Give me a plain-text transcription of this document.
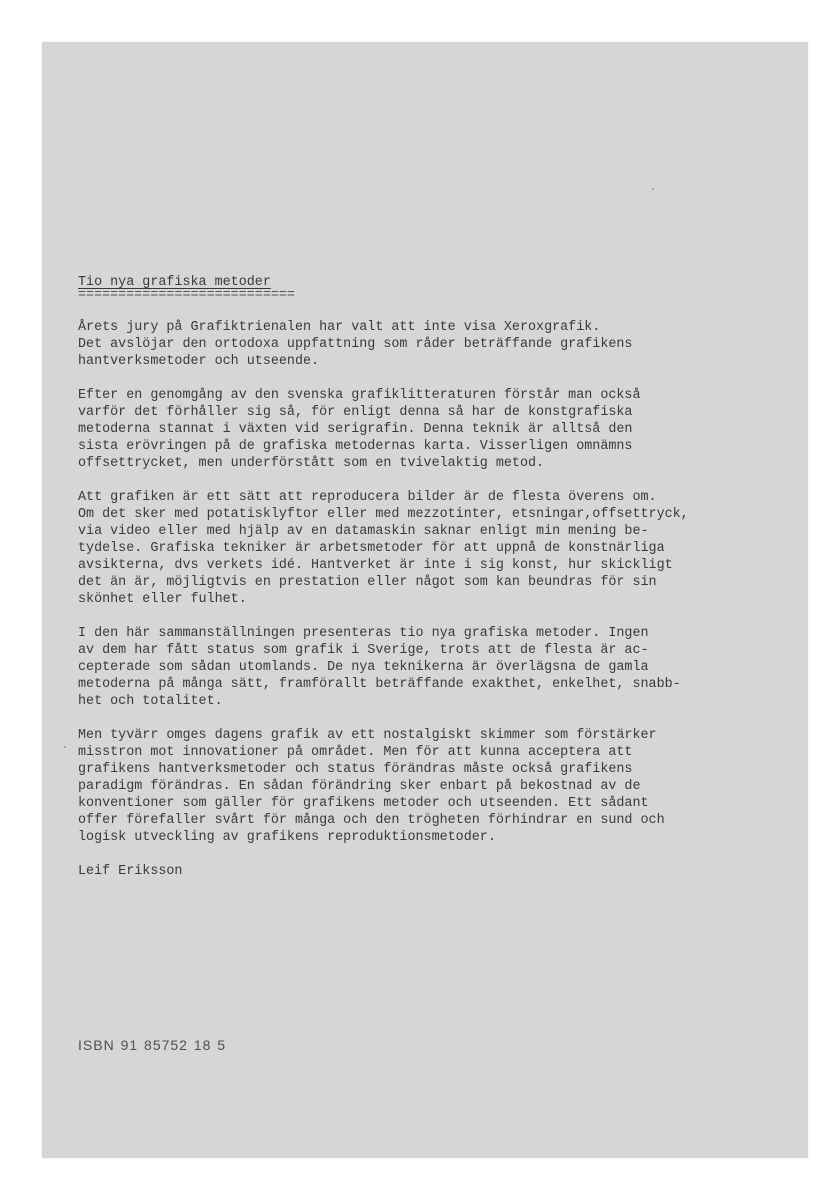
Tio nya grafiska metoder
===========================

Årets jury på Grafiktrienalen har valt att inte visa Xeroxgrafik.
Det avslöjar den ortodoxa uppfattning som råder beträffande grafikens
hantverksmetoder och utseende.

Efter en genomgång av den svenska grafiklitteraturen förstår man också
varför det förhåller sig så, för enligt denna så har de konstgrafiska
metoderna stannat i växten vid serigrafin. Denna teknik är alltså den
sista erövringen på de grafiska metodernas karta. Visserligen omnämns
offsettrycket, men underförstått som en tvivelaktig metod.

Att grafiken är ett sätt att reproducera bilder är de flesta överens om.
Om det sker med potatisklyftor eller med mezzotinter, etsningar,offsettryck,
via video eller med hjälp av en datamaskin saknar enligt min mening be-
tydelse. Grafiska tekniker är arbetsmetoder för att uppnå de konstnärliga
avsikterna, dvs verkets idé. Hantverket är inte i sig konst, hur skickligt
det än är, möjligtvis en prestation eller något som kan beundras för sin
skönhet eller fulhet.

I den här sammanställningen presenteras tio nya grafiska metoder. Ingen
av dem har fått status som grafik i Sverige, trots att de flesta är ac-
cepterade som sådan utomlands. De nya teknikerna är överlägsna de gamla
metoderna på många sätt, framförallt beträffande exakthet, enkelhet, snabb-
het och totalitet.

Men tyvärr omges dagens grafik av ett nostalgiskt skimmer som förstärker
misstron mot innovationer på området. Men för att kunna acceptera att
grafikens hantverksmetoder och status förändras måste också grafikens
paradigm förändras. En sådan förändring sker enbart på bekostnad av de
konventioner som gäller för grafikens metoder och utseenden. Ett sådant
offer förefaller svårt för många och den trögheten förhindrar en sund och
logisk utveckling av grafikens reproduktionsmetoder.

Leif Eriksson

ISBN 91 85752 18 5
